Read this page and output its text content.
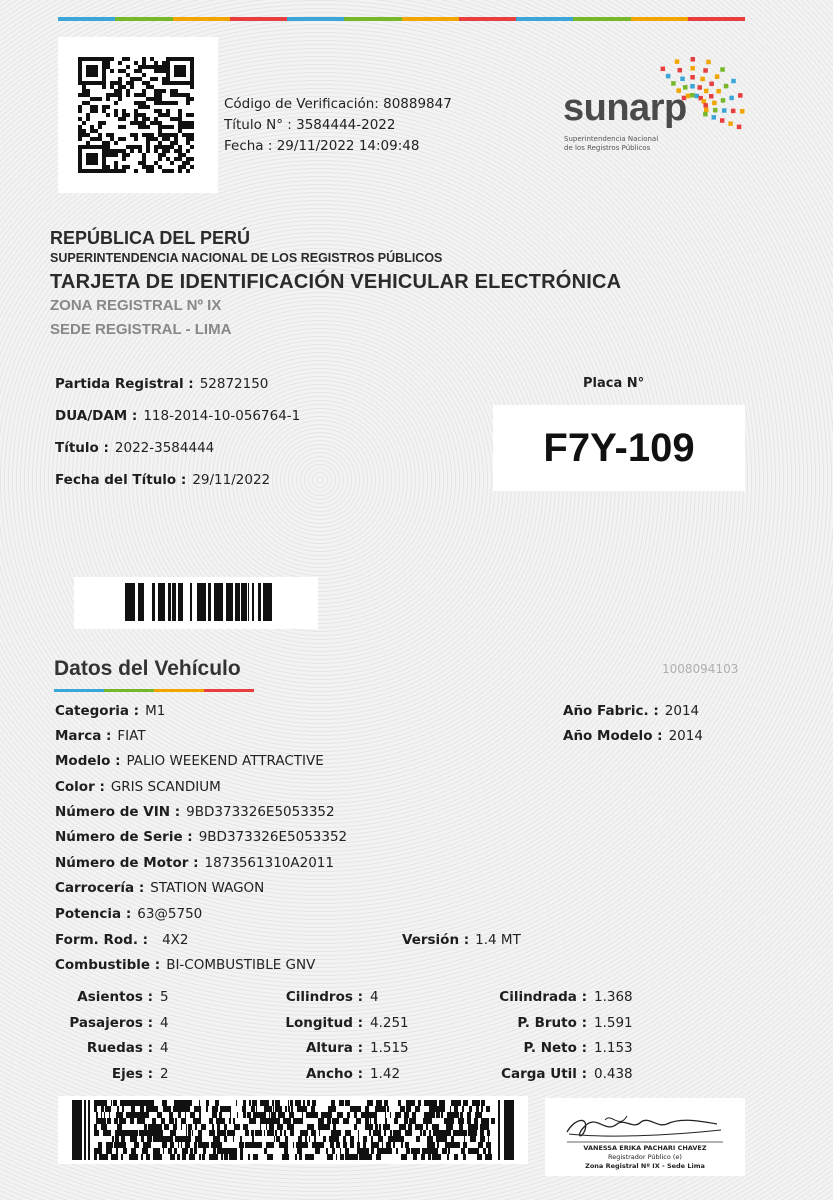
Código de Verificación: 80889847
Título N° : 3584444-2022
Fecha : 29/11/2022 14:09:48
sunarp
Superintendencia Nacional
de los Registros Públicos
REPÚBLICA DEL PERÚ
SUPERINTENDENCIA NACIONAL DE LOS REGISTROS PÚBLICOS
TARJETA DE IDENTIFICACIÓN VEHICULAR ELECTRÓNICA
ZONA REGISTRAL Nº IX
SEDE REGISTRAL - LIMA
Partida Registral : 52872150
DUA/DAM : 118-2014-10-056764-1
Título : 2022-3584444
Fecha del Título : 29/11/2022
Placa N°
F7Y-109
Datos del Vehículo	1008094103
Categoria : M1
Marca : FIAT
Modelo : PALIO WEEKEND ATTRACTIVE
Color : GRIS SCANDIUM
Número de VIN : 9BD373326E5053352
Número de Serie : 9BD373326E5053352
Número de Motor : 1873561310A2011
Carrocería : STATION WAGON
Potencia : 63@5750
Form. Rod. : 4X2	Versión : 1.4 MT
Combustible : BI-COMBUSTIBLE GNV
Año Fabric. : 2014
Año Modelo : 2014
Asientos : 5
Pasajeros : 4
Ruedas : 4
Ejes : 2
Cilindros : 4
Longitud : 4.251
Altura : 1.515
Ancho : 1.42
Cilindrada : 1.368
P. Bruto : 1.591
P. Neto : 1.153
Carga Util : 0.438
VANESSA ERIKA PACHARI CHAVEZ
Registrador Público (e)
Zona Registral Nº IX - Sede Lima
